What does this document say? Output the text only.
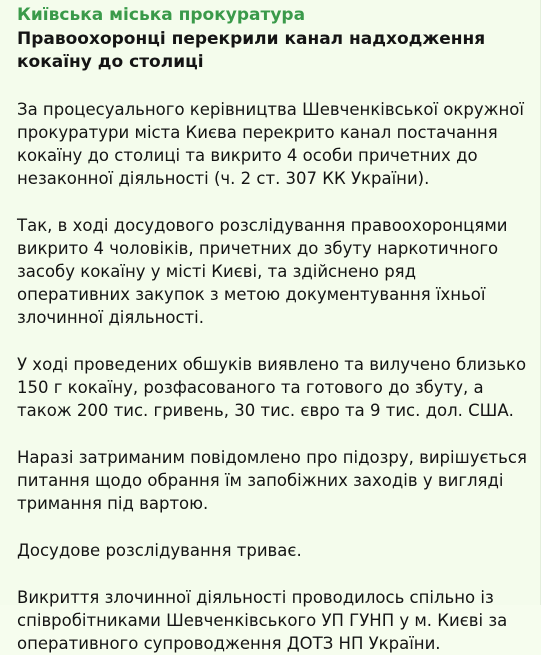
Київська міська прокуратура
Правоохоронці перекрили канал надходження кокаїну до столиці
За процесуального керівництва Шевченківської окружної прокуратури міста Києва перекрито канал постачання кокаїну до столиці та викрито 4 особи причетних до незаконної діяльності (ч. 2 ст. 307 КК України).
Так, в ході досудового розслідування правоохоронцями викрито 4 чоловіків, причетних до збуту наркотичного засобу кокаїну у місті Києві, та здійснено ряд оперативних закупок з метою документування їхньої злочинної діяльності.
У ході проведених обшуків виявлено та вилучено близько 150 г кокаїну, розфасованого та готового до збуту, а також 200 тис. гривень, 30 тис. євро та 9 тис. дол. США.
Наразі затриманим повідомлено про підозру, вирішується питання щодо обрання їм запобіжних заходів у вигляді тримання під вартою.
Досудове розслідування триває.
Викриття злочинної діяльності проводилось спільно із співробітниками Шевченківського УП ГУНП у м. Києві за оперативного супроводження ДОТЗ НП України.
